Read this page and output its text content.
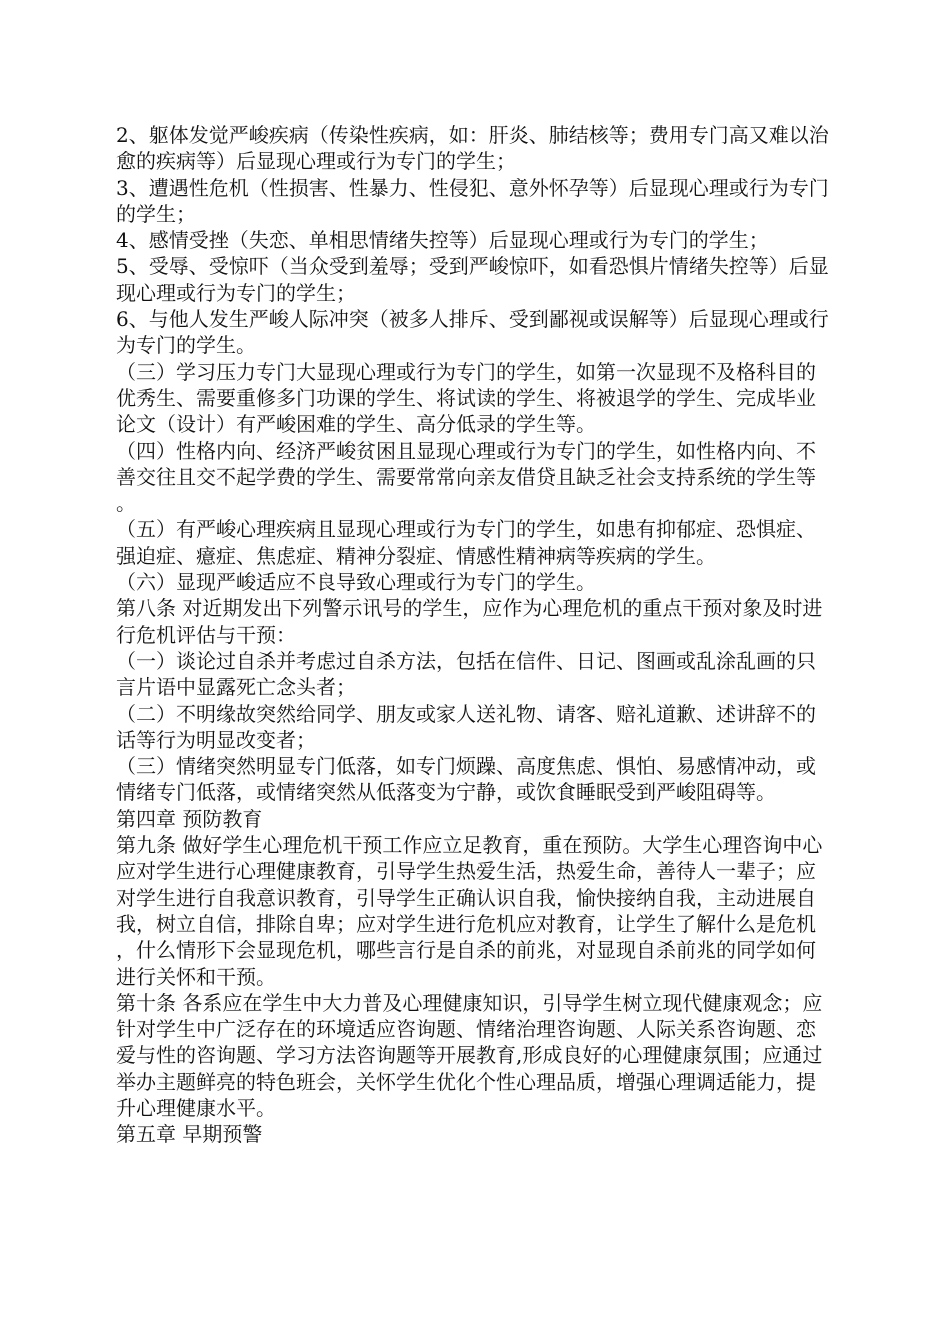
2、躯体发觉严峻疾病（传染性疾病，如：肝炎、肺结核等；费用专门高又难以治愈的疾病等）后显现心理或行为专门的学生；

3、遭遇性危机（性损害、性暴力、性侵犯、意外怀孕等）后显现心理或行为专门的学生；

4、感情受挫（失恋、单相思情绪失控等）后显现心理或行为专门的学生；

5、受辱、受惊吓（当众受到羞辱；受到严峻惊吓，如看恐惧片情绪失控等）后显现心理或行为专门的学生；

6、与他人发生严峻人际冲突（被多人排斥、受到鄙视或误解等）后显现心理或行为专门的学生。

（三）学习压力专门大显现心理或行为专门的学生，如第一次显现不及格科目的优秀生、需要重修多门功课的学生、将试读的学生、将被退学的学生、完成毕业论文（设计）有严峻困难的学生、高分低录的学生等。

（四）性格内向、经济严峻贫困且显现心理或行为专门的学生，如性格内向、不善交往且交不起学费的学生、需要常常向亲友借贷且缺乏社会支持系统的学生等。

（五）有严峻心理疾病且显现心理或行为专门的学生，如患有抑郁症、恐惧症、强迫症、癔症、焦虑症、精神分裂症、情感性精神病等疾病的学生。

（六）显现严峻适应不良导致心理或行为专门的学生。

第八条 对近期发出下列警示讯号的学生，应作为心理危机的重点干预对象及时进行危机评估与干预：

（一）谈论过自杀并考虑过自杀方法，包括在信件、日记、图画或乱涂乱画的只言片语中显露死亡念头者；

（二）不明缘故突然给同学、朋友或家人送礼物、请客、赔礼道歉、述讲辞不的话等行为明显改变者；

（三）情绪突然明显专门低落，如专门烦躁、高度焦虑、惧怕、易感情冲动，或情绪专门低落，或情绪突然从低落变为宁静，或饮食睡眠受到严峻阻碍等。

第四章 预防教育

第九条 做好学生心理危机干预工作应立足教育，重在预防。大学生心理咨询中心应对学生进行心理健康教育，引导学生热爱生活，热爱生命，善待人一辈子；应对学生进行自我意识教育，引导学生正确认识自我，愉快接纳自我，主动进展自我，树立自信，排除自卑；应对学生进行危机应对教育，让学生了解什么是危机，什么情形下会显现危机，哪些言行是自杀的前兆，对显现自杀前兆的同学如何进行关怀和干预。

第十条 各系应在学生中大力普及心理健康知识，引导学生树立现代健康观念；应针对学生中广泛存在的环境适应咨询题、情绪治理咨询题、人际关系咨询题、恋爱与性的咨询题、学习方法咨询题等开展教育,形成良好的心理健康氛围；应通过举办主题鲜亮的特色班会，关怀学生优化个性心理品质，增强心理调适能力，提升心理健康水平。

第五章 早期预警
